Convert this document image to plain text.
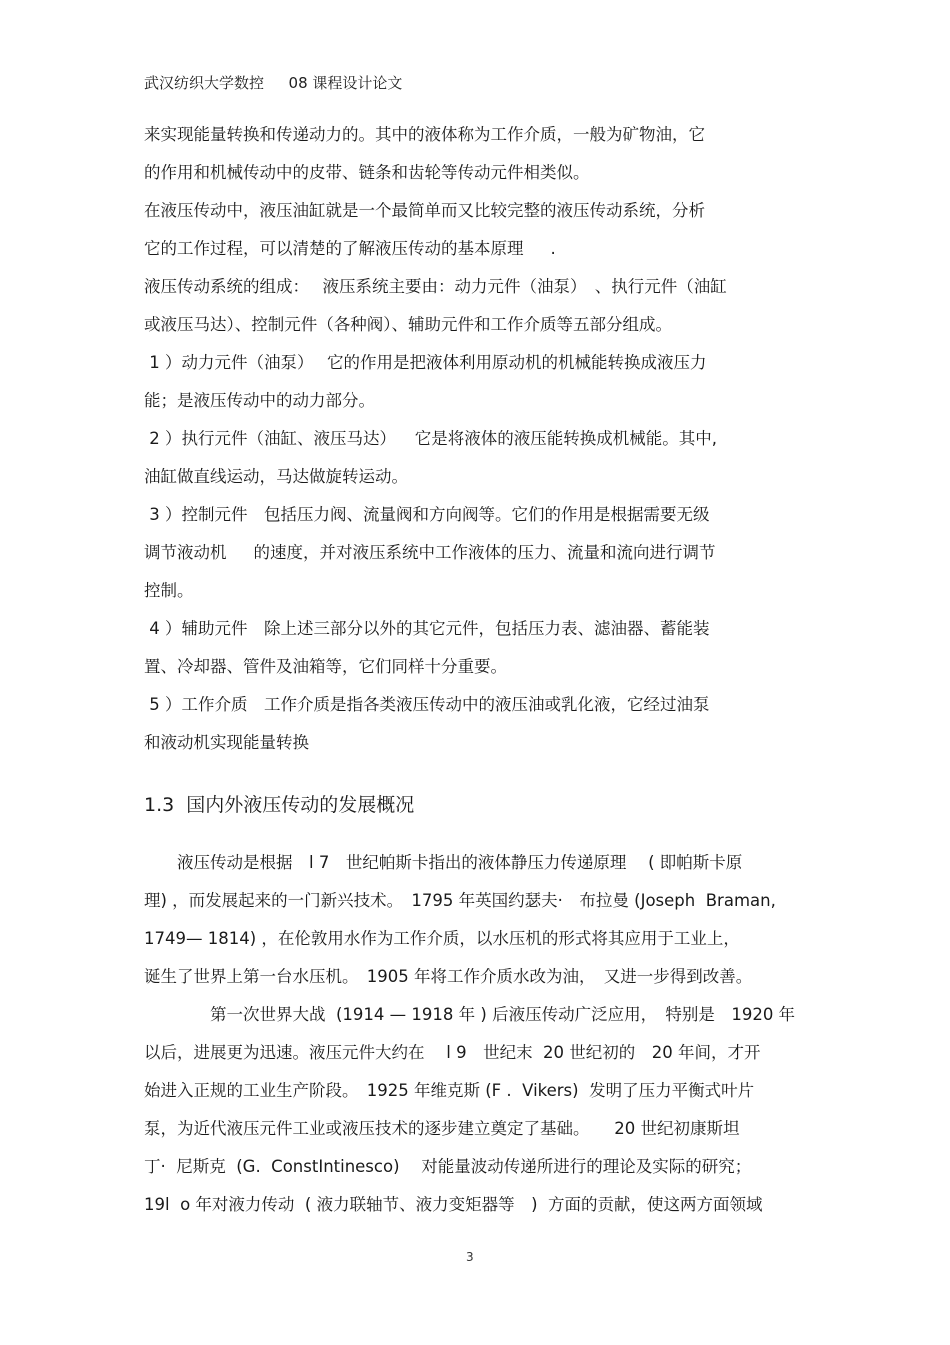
武汉纺织大学数控　  08 课程设计论文
来实现能量转换和传递动力的。其中的液体称为工作介质，一般为矿物油，它
的作用和机械传动中的皮带、链条和齿轮等传动元件相类似。
在液压传动中，液压油缸就是一个最简单而又比较完整的液压传动系统，分析
它的工作过程，可以清楚的了解液压传动的基本原理　  .
液压传动系统的组成：　 液压系统主要由：动力元件（油泵）　、执行元件（油缸
或液压马达）、控制元件（各种阀）、辅助元件和工作介质等五部分组成。
1 ）动力元件（油泵）　 它的作用是把液体利用原动机的机械能转换成液压力
能；是液压传动中的动力部分。
2 ）执行元件（油缸、液压马达）　  它是将液体的液压能转换成机械能。其中,
油缸做直线运动，马达做旋转运动。
3 ）控制元件　包括压力阀、流量阀和方向阀等。它们的作用是根据需要无级
调节液动机　  的速度，并对液压系统中工作液体的压力、流量和流向进行调节
控制。
4 ）辅助元件　除上述三部分以外的其它元件，包括压力表、滤油器、蓄能装
置、冷却器、管件及油箱等，它们同样十分重要。
5 ）工作介质　工作介质是指各类液压传动中的液压油或乳化液，它经过油泵
和液动机实现能量转换
1.3  国内外液压传动的发展概况
　　液压传动是根据　l 7　世纪帕斯卡指出的液体静压力传递原理　 ( 即帕斯卡原
理) ，而发展起来的一门新兴技术。　1795 年英国约瑟夫·　布拉曼 (Joseph  Braman,
1749— 1814) ，在伦敦用水作为工作介质，以水压机的形式将其应用于工业上，
诞生了世界上第一台水压机。　1905 年将工作介质水改为油，　又进一步得到改善。
　　　　第一次世界大战  (1914 — 1918 年 ) 后液压传动广泛应用，　特别是　1920 年
以后，进展更为迅速。液压元件大约在　 l 9　世纪末  20 世纪初的　20 年间，才开
始进入正规的工业生产阶段。　1925 年维克斯 (F .  Vikers)  发明了压力平衡式叶片
泵，为近代液压元件工业或液压技术的逐步建立奠定了基础。　　20 世纪初康斯坦
丁·  尼斯克  (G.  ConstIntinesco)　 对能量波动传递所进行的理论及实际的研究；
19l  o 年对液力传动  ( 液力联轴节、液力变矩器等　)  方面的贡献，使这两方面领域
3
